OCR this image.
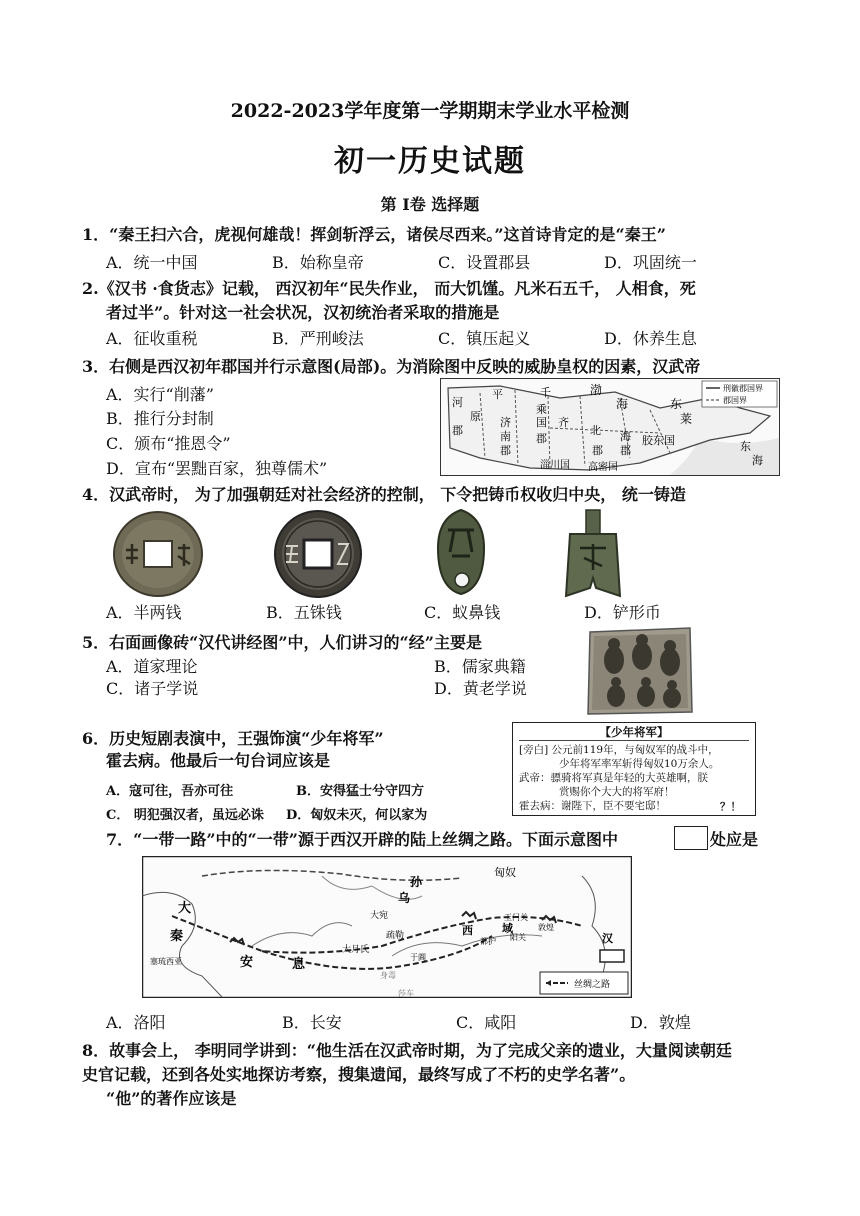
2022-2023学年度第一学期期末学业水平检测
初一历史试题
第 I卷 选择题
1．“秦王扫六合，虎视何雄哉！挥剑斩浮云，诸侯尽西来。”这首诗肯定的是“秦王”
A．统一中国	B．始称皇帝	C．设置郡县	D．巩固统一
2.《汉书 ·食货志》记载， 西汉初年“民失作业， 而大饥馑。凡米石五千， 人相食，死
者过半”。针对这一社会状况，汉初统治者采取的措施是
A．征收重税	B．严刑峻法	C．镇压起义	D．休养生息
3．右侧是西汉初年郡国并行示意图(局部)。为消除图中反映的威胁皇权的因素，汉武帝
A．实行“削藩”
B．推行分封制
C．颁布“推恩令”
D．宣布“罢黜百家，独尊儒术”
刑徽郡国界
郡国界
河
平	千	渤
海	东
莱
原
乘
国
济	齐
北
南
郡
郡	海
郡
胶东国
郡
淄川国 高密国
东
海
郡
4．汉武帝时， 为了加强朝廷对社会经济的控制， 下令把铸币权收归中央， 统一铸造
A．半两钱	B．五铢钱	C．蚁鼻钱	D．铲形币
5．右面画像砖“汉代讲经图”中，人们讲习的“经”主要是
A．道家理论	B．儒家典籍
C．诸子学说	D．黄老学说
6．历史短剧表演中，王强饰演“少年将军”
霍去病。他最后一句台词应该是
A．寇可往，吾亦可往	B．安得猛士兮守四方
C． 明犯强汉者，虽远必诛 D．匈奴未灭，何以家为
【少年将军】
[旁白] 公元前119年，与匈奴军的战斗中，
少年将军率军斩得匈奴10万余人。
武帝：骠骑将军真是年轻的大英雄啊，朕
赏赐你个大大的将军府！
霍去病：谢陛下，臣不要宅邸！	？！
7．“一带一路”中的“一带”源于西汉开辟的陆上丝绸之路。下面示意图中	处应是
匈奴
大
秦
塞琉西亚	安	息
大月氏
大宛
乌
孙
疏勒
莎车
于阗
西	域
都护
玉门关
阳关
敦煌
汉
身毒
丝绸之路
A．洛阳	B．长安	C．咸阳	D．敦煌
8．故事会上， 李明同学讲到：“他生活在汉武帝时期，为了完成父亲的遗业，大量阅读朝廷
史官记载，还到各处实地探访考察，搜集遗闻，最终写成了不朽的史学名著”。
“他”的著作应该是
